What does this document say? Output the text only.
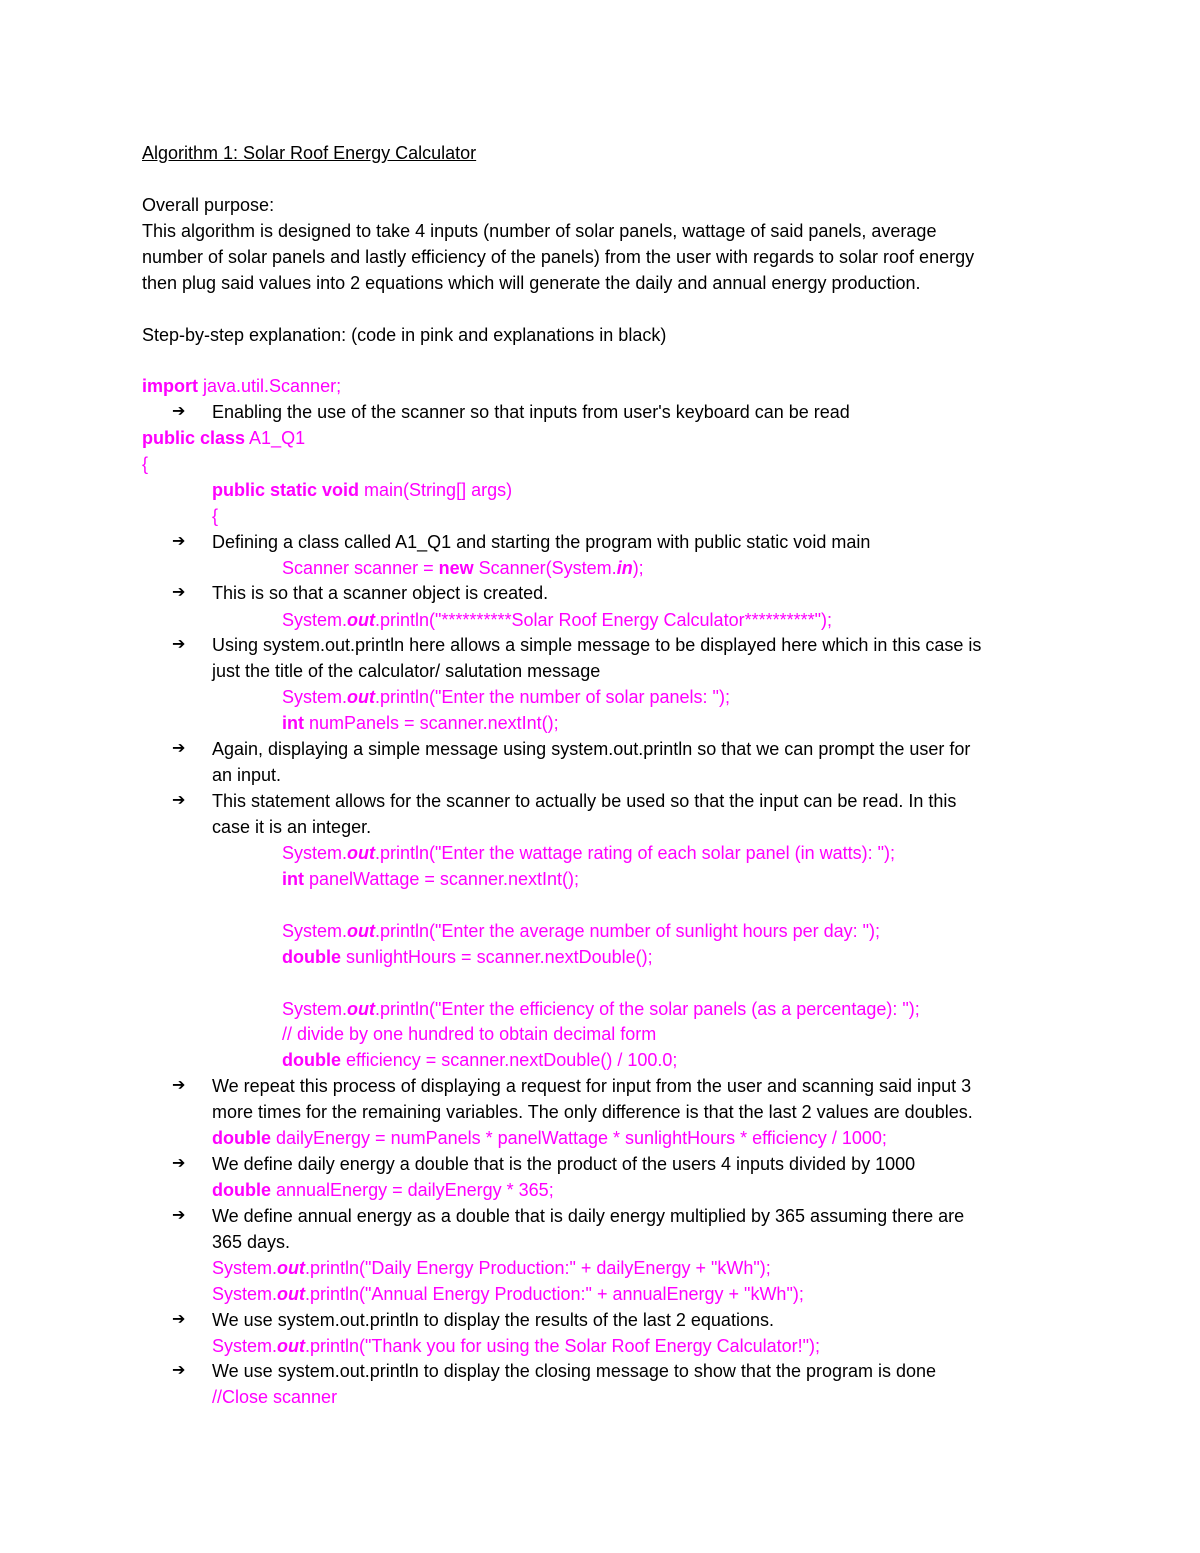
Algorithm 1: Solar Roof Energy Calculator
Overall purpose:
This algorithm is designed to take 4 inputs (number of solar panels, wattage of said panels, average
number of solar panels and lastly efficiency of the panels) from the user with regards to solar roof energy
then plug said values into 2 equations which will generate the daily and annual energy production.
Step-by-step explanation: (code in pink and explanations in black)
import java.util.Scanner;
➔ Enabling the use of the scanner so that inputs from user's keyboard can be read
public class A1_Q1
{
public static void main(String[] args)
{
➔ Defining a class called A1_Q1 and starting the program with public static void main
Scanner scanner = new Scanner(System.in);
➔ This is so that a scanner object is created.
System.out.println("**********Solar Roof Energy Calculator**********");
➔ Using system.out.println here allows a simple message to be displayed here which in this case is
just the title of the calculator/ salutation message
System.out.println("Enter the number of solar panels: ");
int numPanels = scanner.nextInt();
➔ Again, displaying a simple message using system.out.println so that we can prompt the user for
an input.
➔ This statement allows for the scanner to actually be used so that the input can be read. In this
case it is an integer.
System.out.println("Enter the wattage rating of each solar panel (in watts): ");
int panelWattage = scanner.nextInt();
System.out.println("Enter the average number of sunlight hours per day: ");
double sunlightHours = scanner.nextDouble();
System.out.println("Enter the efficiency of the solar panels (as a percentage): ");
// divide by one hundred to obtain decimal form
double efficiency = scanner.nextDouble() / 100.0;
➔ We repeat this process of displaying a request for input from the user and scanning said input 3
more times for the remaining variables. The only difference is that the last 2 values are doubles.
double dailyEnergy = numPanels * panelWattage * sunlightHours * efficiency / 1000;
➔ We define daily energy a double that is the product of the users 4 inputs divided by 1000
double annualEnergy = dailyEnergy * 365;
➔ We define annual energy as a double that is daily energy multiplied by 365 assuming there are
365 days.
System.out.println("Daily Energy Production:" + dailyEnergy + "kWh");
System.out.println("Annual Energy Production:" + annualEnergy + "kWh");
➔ We use system.out.println to display the results of the last 2 equations.
System.out.println("Thank you for using the Solar Roof Energy Calculator!");
➔ We use system.out.println to display the closing message to show that the program is done
//Close scanner
